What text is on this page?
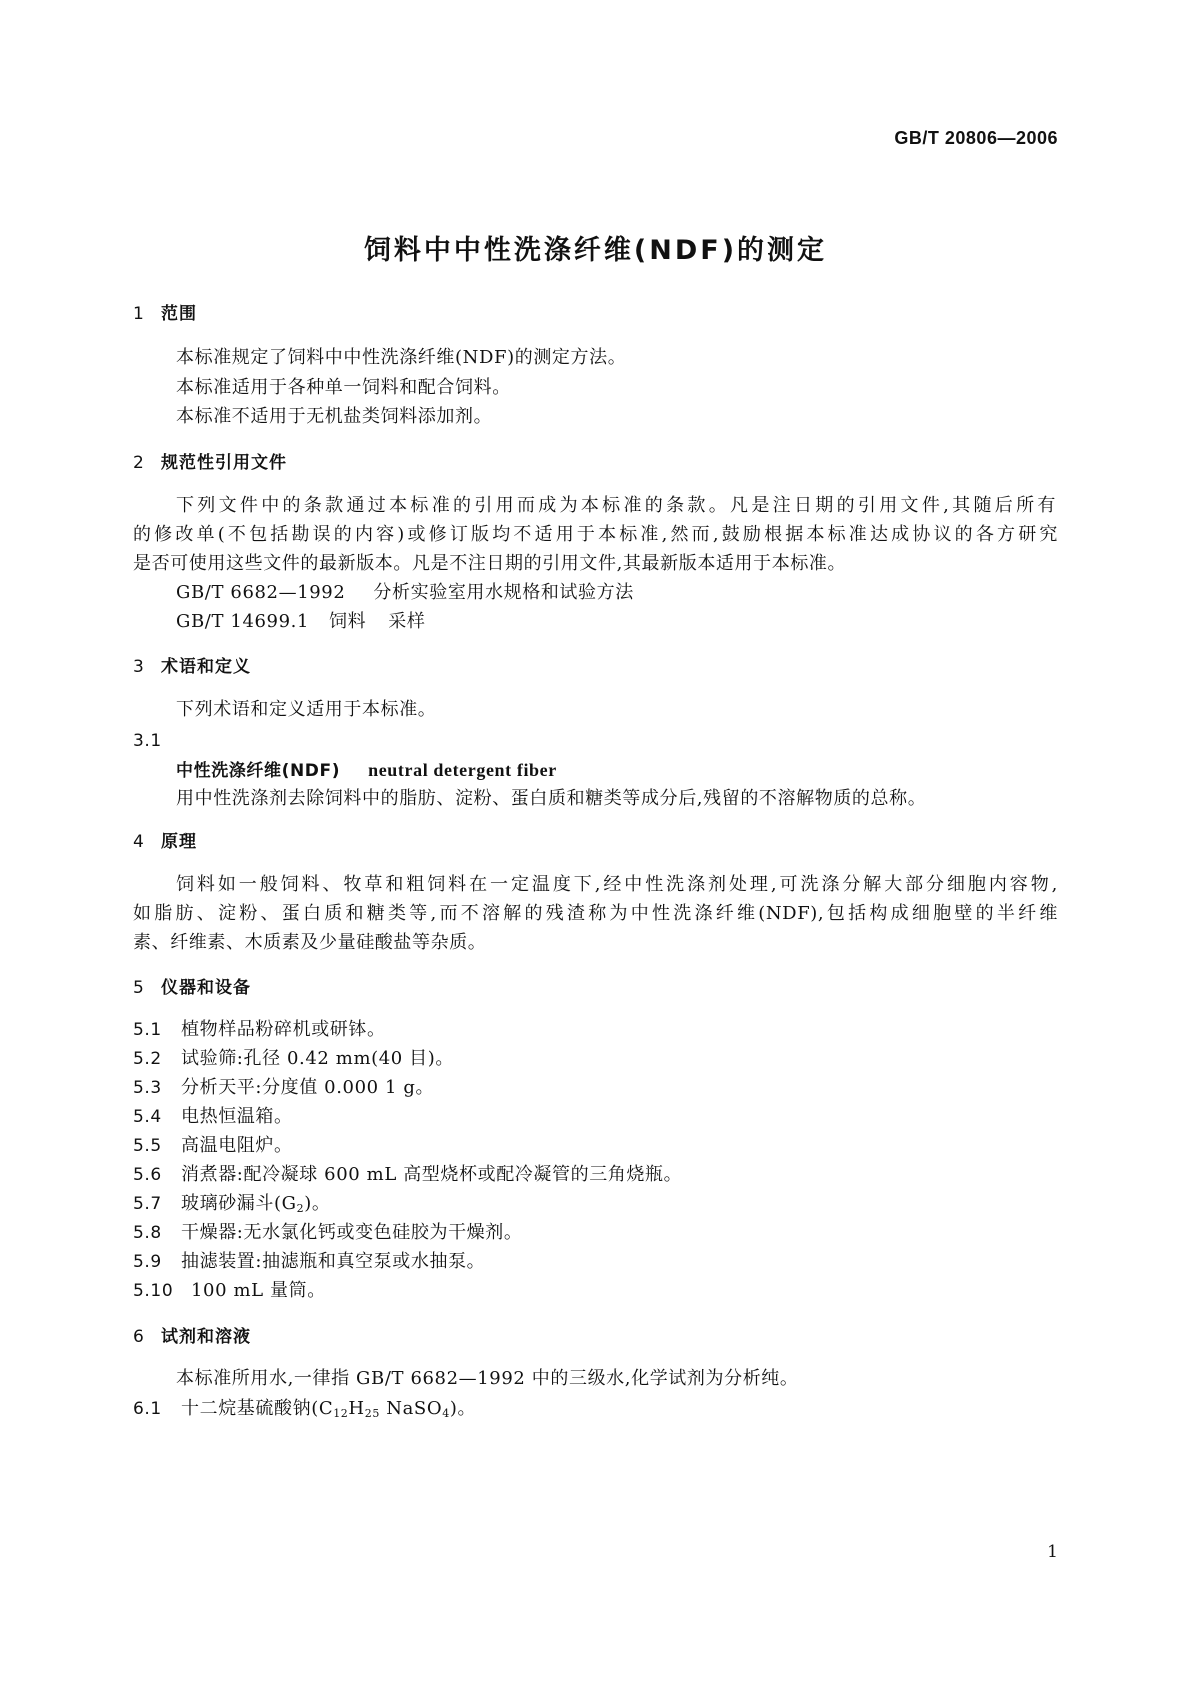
GB/T 20806—2006
饲料中中性洗涤纤维(NDF)的测定
1 范围
本标准规定了饲料中中性洗涤纤维(NDF)的测定方法。
本标准适用于各种单一饲料和配合饲料。
本标准不适用于无机盐类饲料添加剂。
2 规范性引用文件
下列文件中的条款通过本标准的引用而成为本标准的条款。凡是注日期的引用文件,其随后所有
的修改单(不包括勘误的内容)或修订版均不适用于本标准,然而,鼓励根据本标准达成协议的各方研究
是否可使用这些文件的最新版本。凡是不注日期的引用文件,其最新版本适用于本标准。
GB/T 6682—1992 分析实验室用水规格和试验方法
GB/T 14699.1 饲料 采样
3 术语和定义
下列术语和定义适用于本标准。
3.1
中性洗涤纤维(NDF) neutral detergent fiber
用中性洗涤剂去除饲料中的脂肪、淀粉、蛋白质和糖类等成分后,残留的不溶解物质的总称。
4 原理
饲料如一般饲料、牧草和粗饲料在一定温度下,经中性洗涤剂处理,可洗涤分解大部分细胞内容物,
如脂肪、淀粉、蛋白质和糖类等,而不溶解的残渣称为中性洗涤纤维(NDF),包括构成细胞壁的半纤维
素、纤维素、木质素及少量硅酸盐等杂质。
5 仪器和设备
5.1 植物样品粉碎机或研钵。
5.2 试验筛:孔径 0.42 mm(40 目)。
5.3 分析天平:分度值 0.000 1 g。
5.4 电热恒温箱。
5.5 高温电阻炉。
5.6 消煮器:配冷凝球 600 mL 高型烧杯或配冷凝管的三角烧瓶。
5.7 玻璃砂漏斗$(G_2)$。
5.8 干燥器:无水氯化钙或变色硅胶为干燥剂。
5.9 抽滤装置:抽滤瓶和真空泵或水抽泵。
5.10 100 mL 量筒。
6 试剂和溶液
本标准所用水,一律指 GB/T 6682—1992 中的三级水,化学试剂为分析纯。
6.1 十二烷基硫酸钠($C_{12}H_{25}$ NaSO$_4$)。
1
